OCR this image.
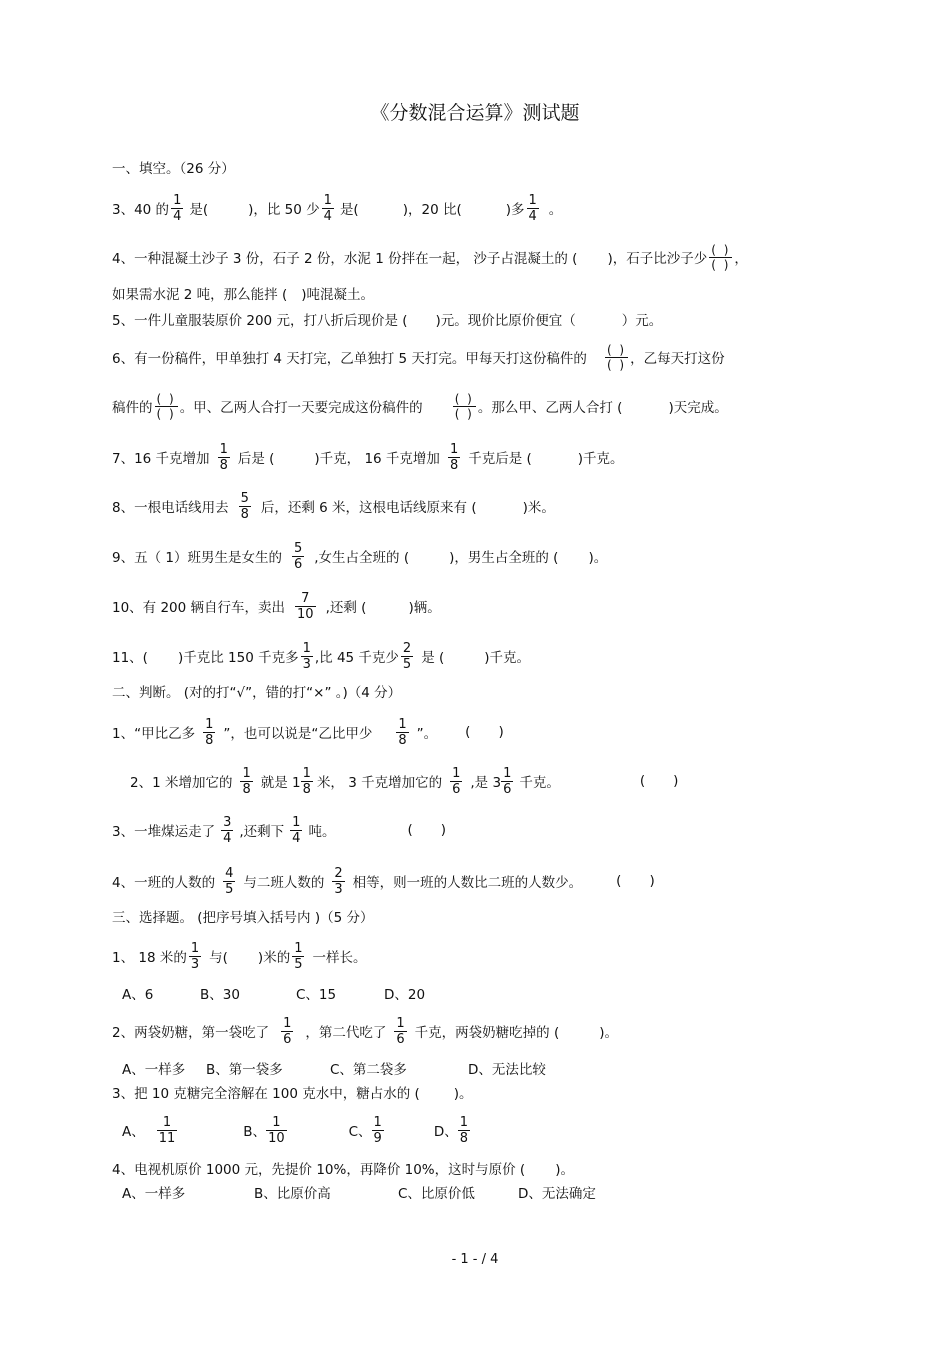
《分数混合运算》测试题
一、填空。（26 分）
3、40 的 $\frac{1}{4}$ 是(	)，比 50 少 $\frac{1}{4}$ 是(	)，20 比(	)多 $\frac{1}{4}$ 。
4、一种混凝土沙子 3 份，石子 2 份，水泥 1 份拌在一起， 沙子占混凝土的 ( )，石子比沙子少 $\frac{( )}{( )}$ ，
如果需水泥 2 吨，那么能拌 ( )吨混凝土。
5、一件儿童服装原价 200 元，打八折后现价是 ( )元。现价比原价便宜（	）元。
6、有一份稿件，甲单独打 4 天打完，乙单独打 5 天打完。甲每天打这份稿件的 $\frac{( )}{( )}$ ，乙每天打这份
稿件的 $\frac{( )}{( )}$ 。甲、乙两人合打一天要完成这份稿件的	$\frac{( )}{( )}$ 。那么甲、乙两人合打 (	)天完成。
7、16 千克增加 $\frac{1}{8}$ 后是 (	)千克， 16 千克增加 $\frac{1}{8}$ 千克后是 (	)千克。
8、一根电话线用去 $\frac{5}{8}$ 后，还剩 6 米，这根电话线原来有 (	)米。
9、五（ 1）班男生是女生的 $\frac{5}{6}$ ,女生占全班的 (	)，男生占全班的 ( )。
10、有 200 辆自行车，卖出 $\frac{7}{10}$ ,还剩 (	)辆。
11、( )千克比 150 千克多 $\frac{1}{3}$ ,比 45 千克少 $\frac{2}{5}$ 是 (	)千克。
二、判断。 (对的打“√”，错的打“×” 。)（4 分）
1、“甲比乙多 $\frac{1}{8}$ ”，也可以说是“乙比甲少 $\frac{1}{8}$ ”。 ( )
2、1 米增加它的 $\frac{1}{8}$ 就是 $1 \frac{1}{8}$ 米， 3 千克增加它的 $\frac{1}{6}$ ,是 $3 \frac{1}{6}$ 千克。	( )
3、一堆煤运走了 $\frac{3}{4}$ ,还剩下 $\frac{1}{4}$ 吨。	( )
4、一班的人数的 $\frac{4}{5}$ 与二班人数的 $\frac{2}{3}$ 相等，则一班的人数比二班的人数少。	( )
三、选择题。 (把序号填入括号内 )（5 分）
1、 18 米的 $\frac{1}{3}$ 与( )米的 $\frac{1}{5}$ 一样长。
A、6	B、30	C、15	D、20
2、两袋奶糖，第一袋吃了 $\frac{1}{6}$ ，第二代吃了 $\frac{1}{6}$ 千克，两袋奶糖吃掉的 (	)。
A、一样多	B、第一袋多	C、第二袋多	D、无法比较
3、把 10 克糖完全溶解在 100 克水中，糖占水的 (	)。
A、 $\frac{1}{11}$	B、 $\frac{1}{10}$	C、 $\frac{1}{9}$	D、 $\frac{1}{8}$
4、电视机原价 1000 元，先提价 10%，再降价 10%，这时与原价 ( )。
A、一样多	B、比原价高	C、比原价低	D、无法确定
- 1 - / 4
